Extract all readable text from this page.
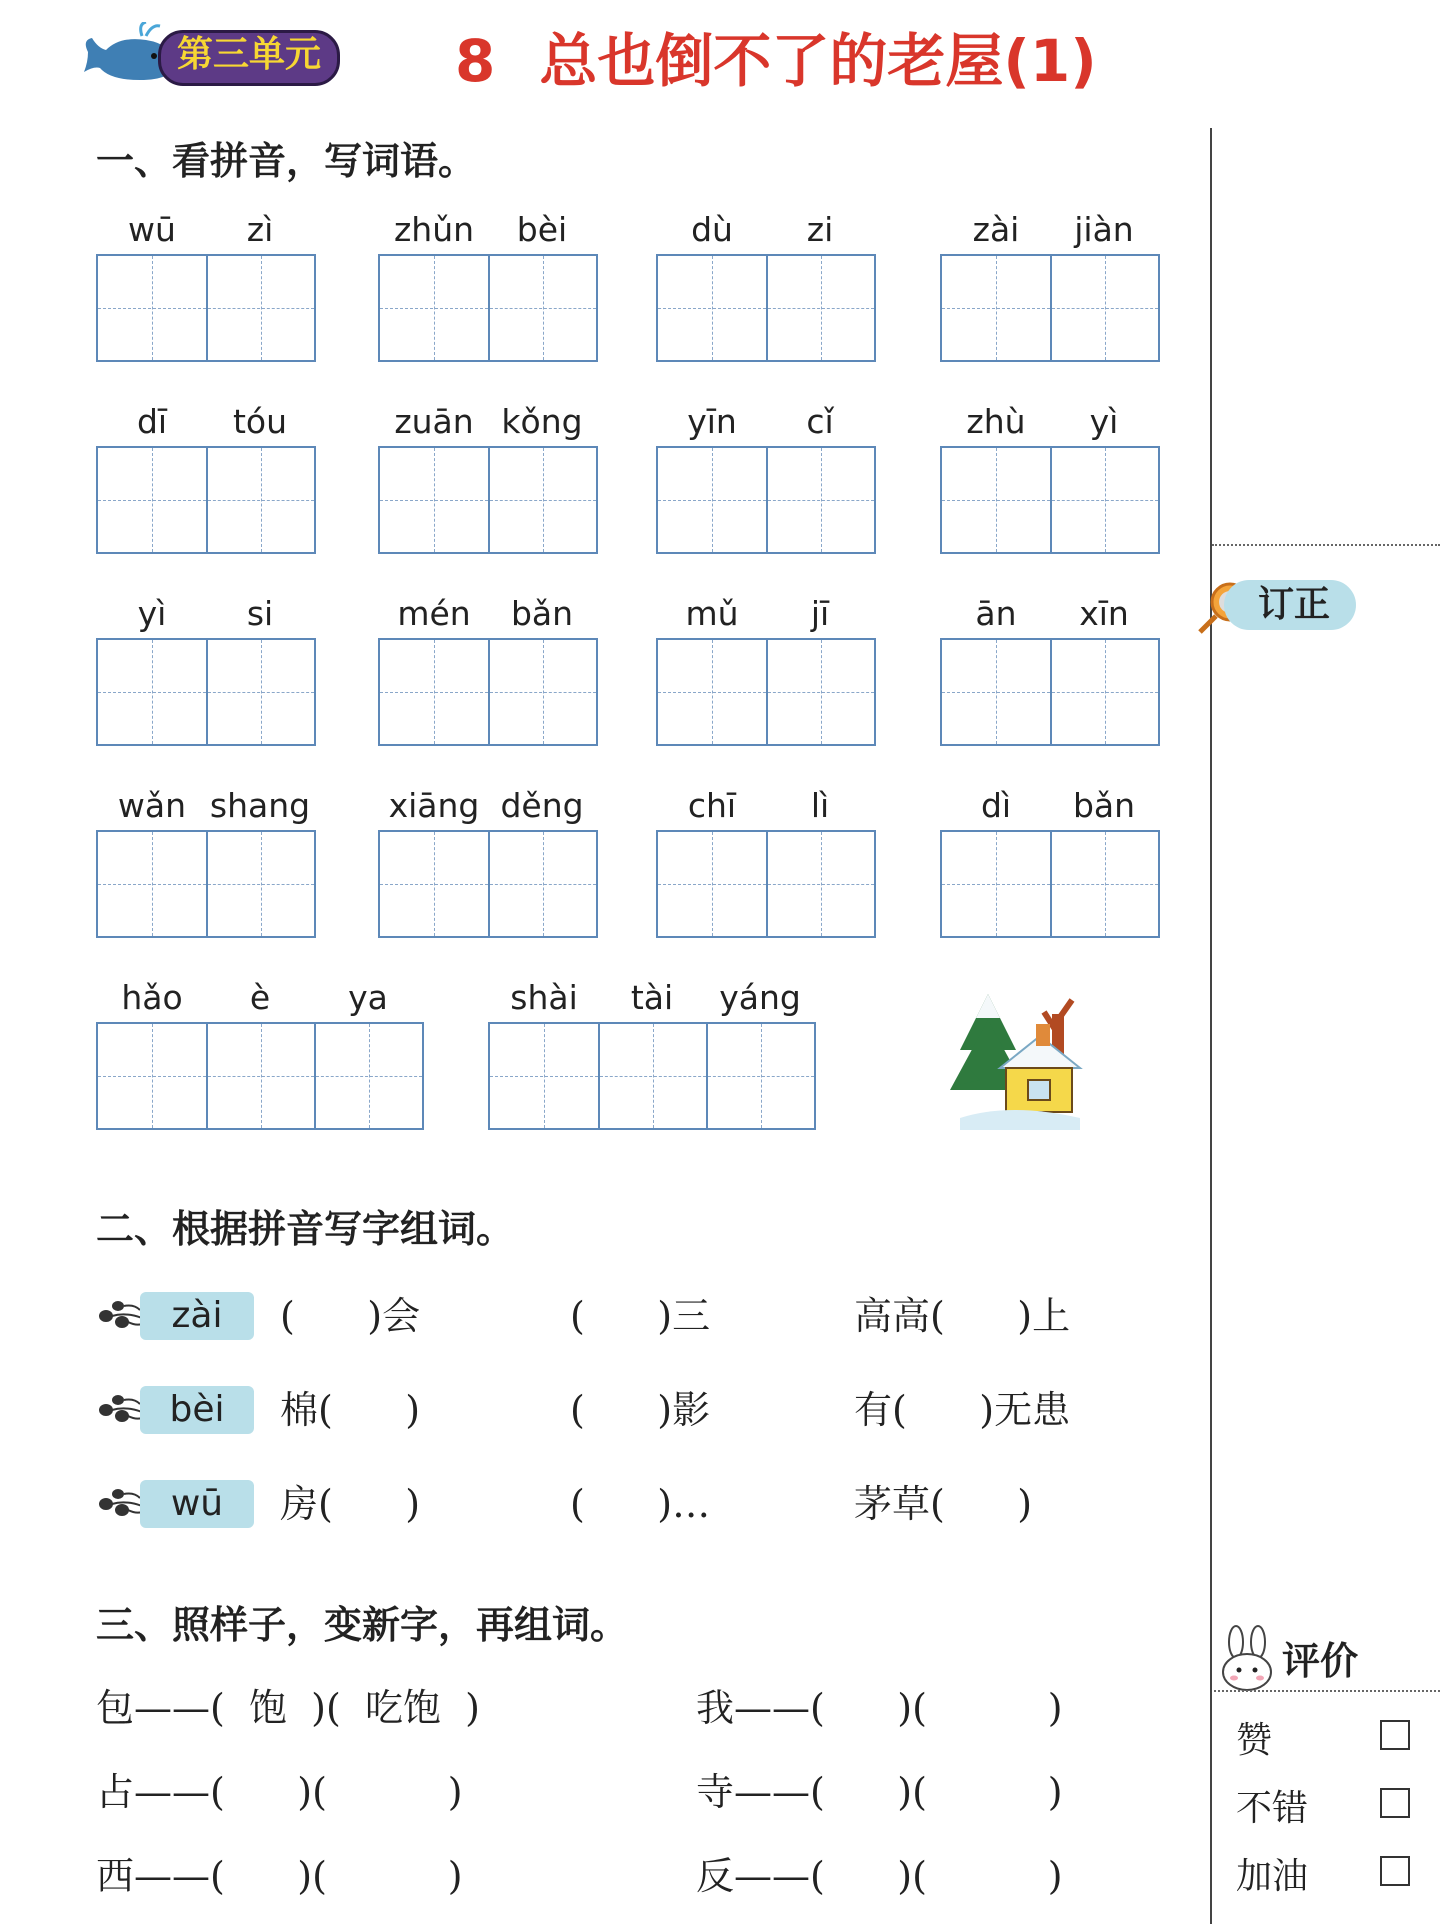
第三单元	8 总也倒不了的老屋(1)
订正
评价
赞
不错
加油
一、看拼音，写词语。
wū	zì	zhǔn	bèi	dù	zi	zài	jiàn
dī	tóu	zuān kǒng	yīn	cǐ	zhù	yì
yì	si	mén	bǎn	mǔ	jī	ān	xīn
wǎn shang xiāng děng	chī	lì	dì	bǎn
hǎo	è	ya	shài	tài	yáng
二、根据拼音写字组词。
zài	(      )会	(      )三	高高(      )上
bèi	棉(      )	(      )影	有(      )无患
wū	房(      )	(      )…	茅草(      )
三、照样子，变新字，再组词。
包——(  饱  )(  吃饱  )	我——(      )(          )
占——(      )(          )	寺——(      )(          )
西——(      )(          )	反——(      )(          )
